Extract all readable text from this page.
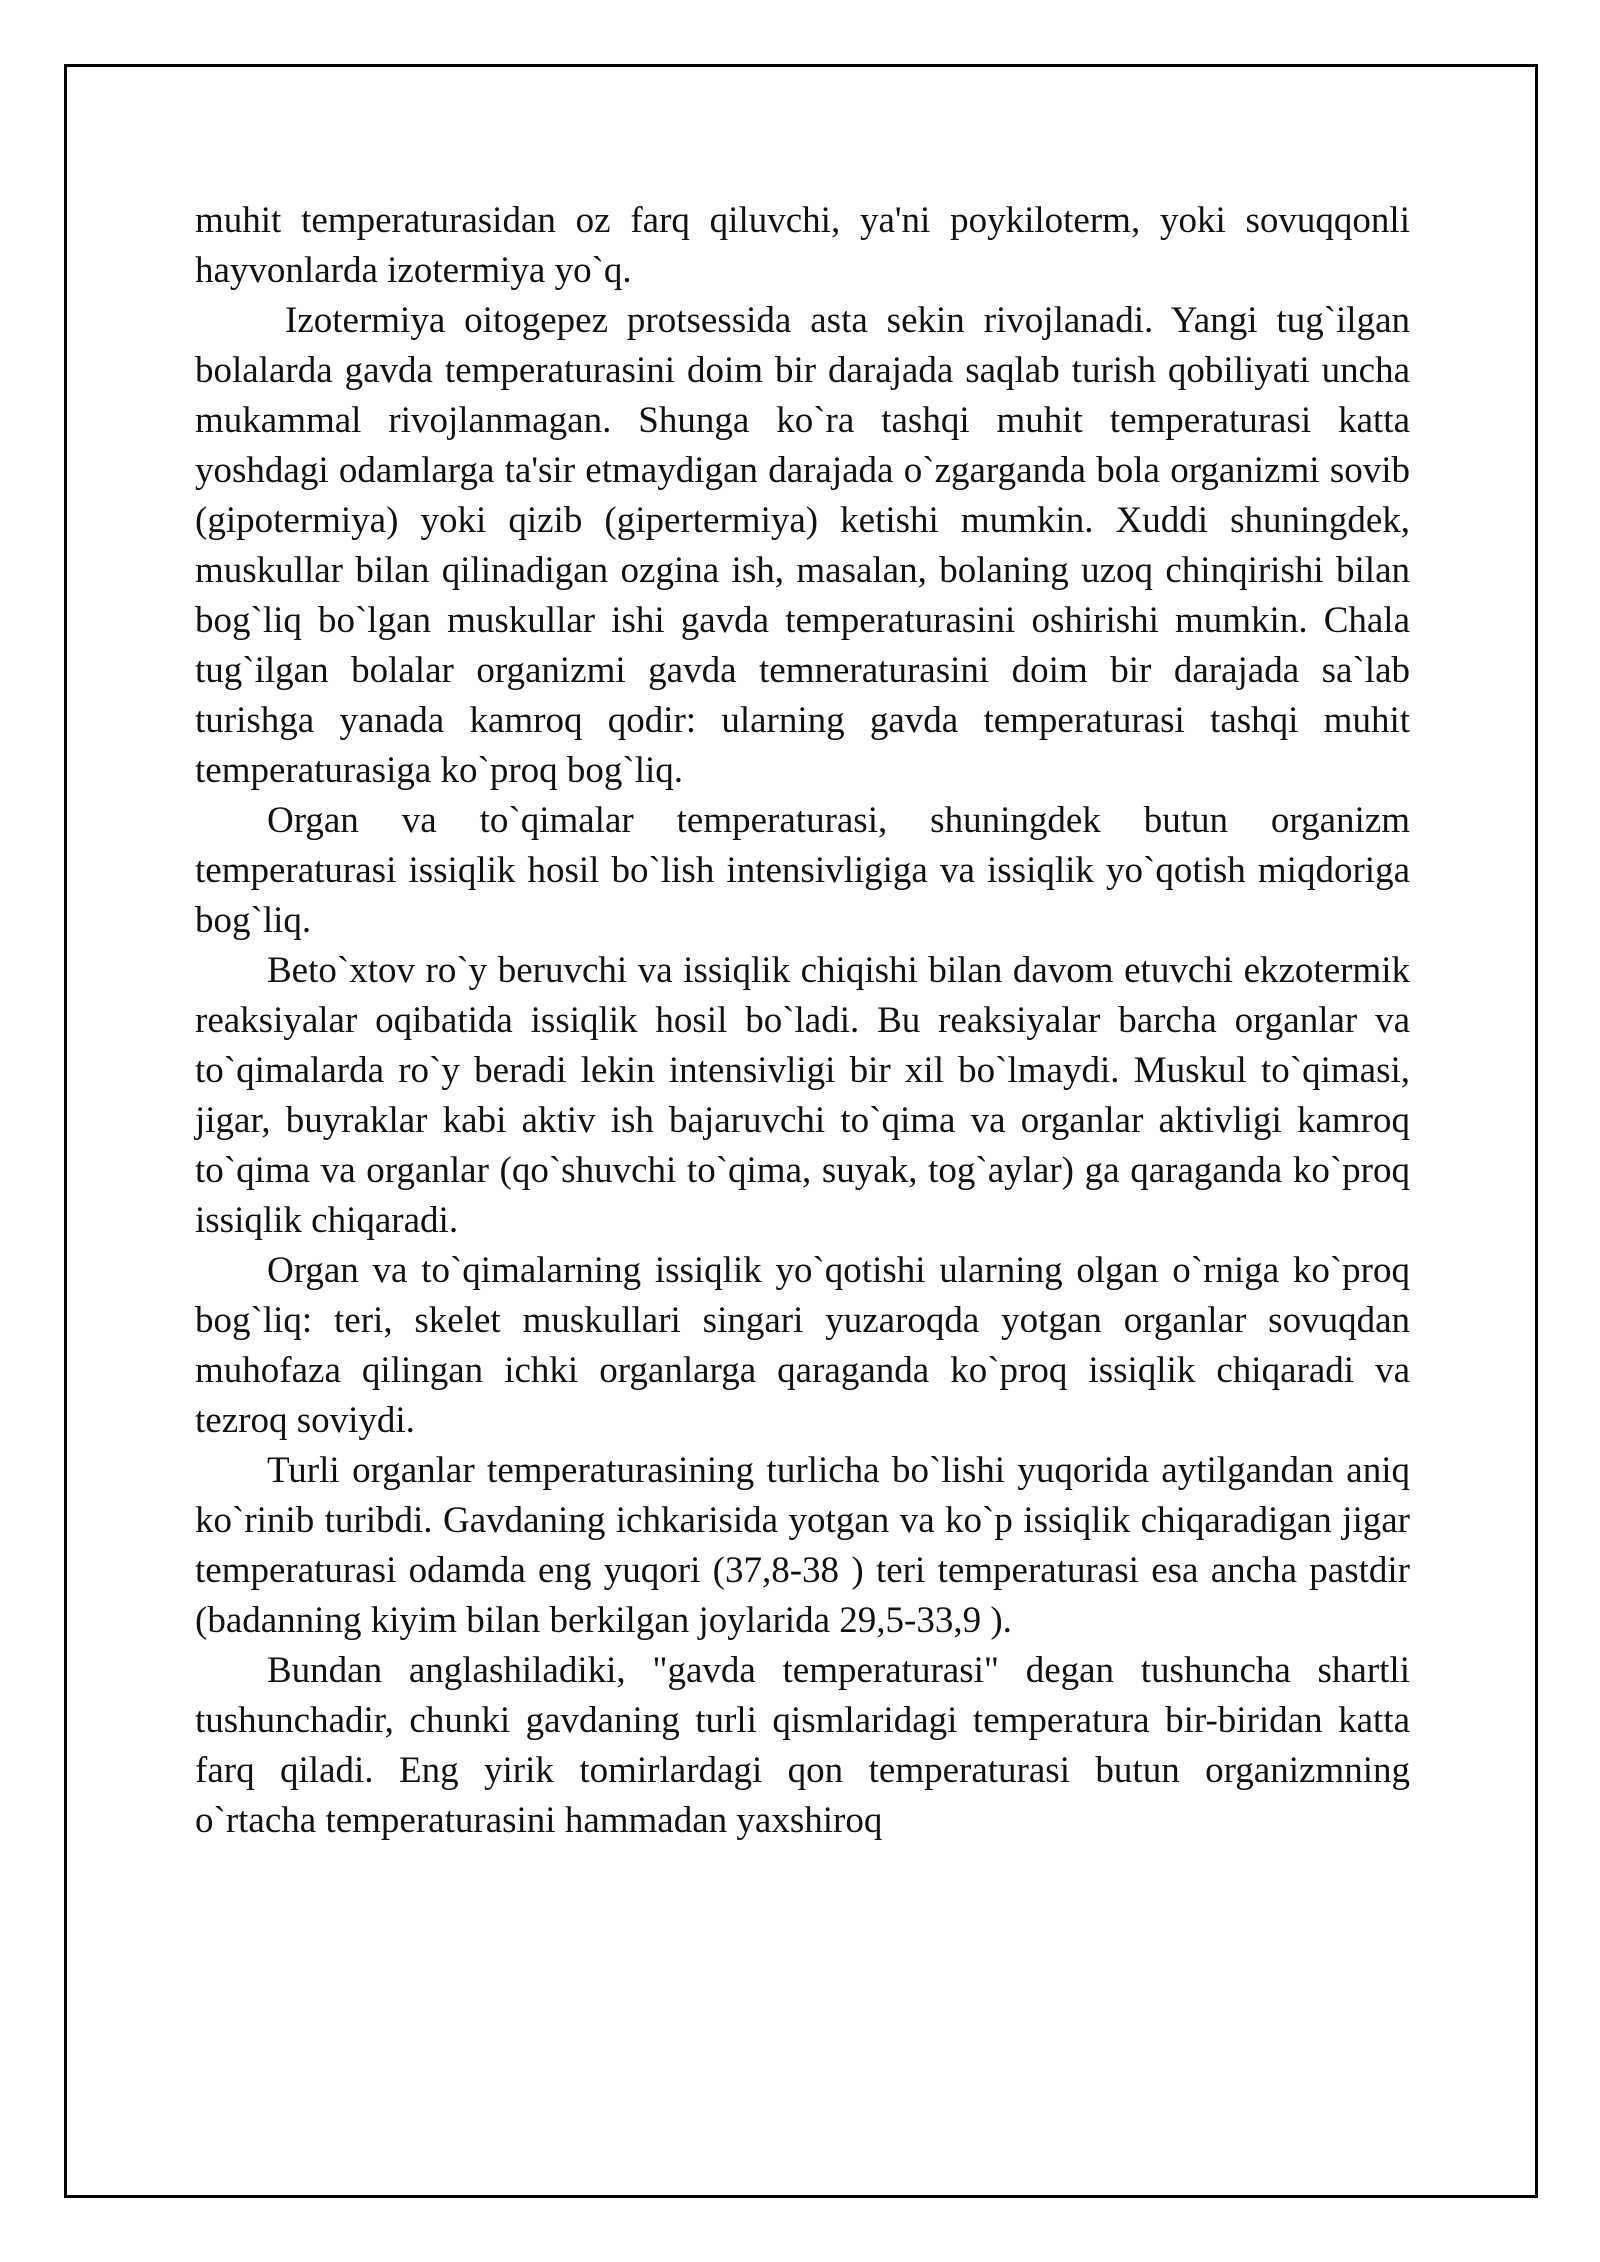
muhit temperaturasidan oz farq qiluvchi, ya'ni poykiloterm, yoki sovuqqonli hayvonlarda izotermiya yo`q.

Izotermiya oitogepez protsessida asta sekin rivojlanadi. Yangi tug`ilgan bolalarda gavda temperaturasini doim bir darajada saqlab turish qobiliyati uncha mukammal rivojlanmagan. Shunga ko`ra tashqi muhit temperaturasi katta yoshdagi odamlarga ta'sir etmaydigan darajada o`zgarganda bola organizmi sovib (gipotermiya) yoki qizib (gipertermiya) ketishi mumkin. Xuddi shuningdek, muskullar bilan qilinadigan ozgina ish, masalan, bolaning uzoq chinqirishi bilan bog`liq bo`lgan muskullar ishi gavda temperaturasini oshirishi mumkin. Chala tug`ilgan bolalar organizmi gavda temneraturasini doim bir darajada sa`lab turishga yanada kamroq qodir: ularning gavda temperaturasi tashqi muhit temperaturasiga ko`proq bog`liq.

Organ va to`qimalar temperaturasi, shuningdek butun organizm temperaturasi issiqlik hosil bo`lish intensivligiga va issiqlik yo`qotish miqdoriga bog`liq.

Beto`xtov ro`y beruvchi va issiqlik chiqishi bilan davom etuvchi ekzotermik reaksiyalar oqibatida issiqlik hosil bo`ladi. Bu reaksiyalar barcha organlar va to`qimalarda ro`y beradi lekin intensivligi bir xil bo`lmaydi. Muskul to`qimasi, jigar, buyraklar kabi aktiv ish bajaruvchi to`qima va organlar aktivligi kamroq to`qima va organlar (qo`shuvchi to`qima, suyak, tog`aylar) ga qaraganda ko`proq issiqlik chiqaradi.

Organ va to`qimalarning issiqlik yo`qotishi ularning olgan o`rniga ko`proq bog`liq: teri, skelet muskullari singari yuzaroqda yotgan organlar sovuqdan muhofaza qilingan ichki organlarga qaraganda ko`proq issiqlik chiqaradi va tezroq soviydi.

Turli organlar temperaturasining turlicha bo`lishi yuqorida aytilgandan aniq ko`rinib turibdi. Gavdaning ichkarisida yotgan va ko`p issiqlik chiqaradigan jigar temperaturasi odamda eng yuqori (37,8-38 ) teri temperaturasi esa ancha pastdir (badanning kiyim bilan berkilgan joylarida 29,5-33,9 ).

Bundan anglashiladiki, "gavda temperaturasi" degan tushuncha shartli tushunchadir, chunki gavdaning turli qismlaridagi temperatura bir-biridan katta farq qiladi. Eng yirik tomirlardagi qon temperaturasi butun organizmning o`rtacha temperaturasini hammadan yaxshiroq
